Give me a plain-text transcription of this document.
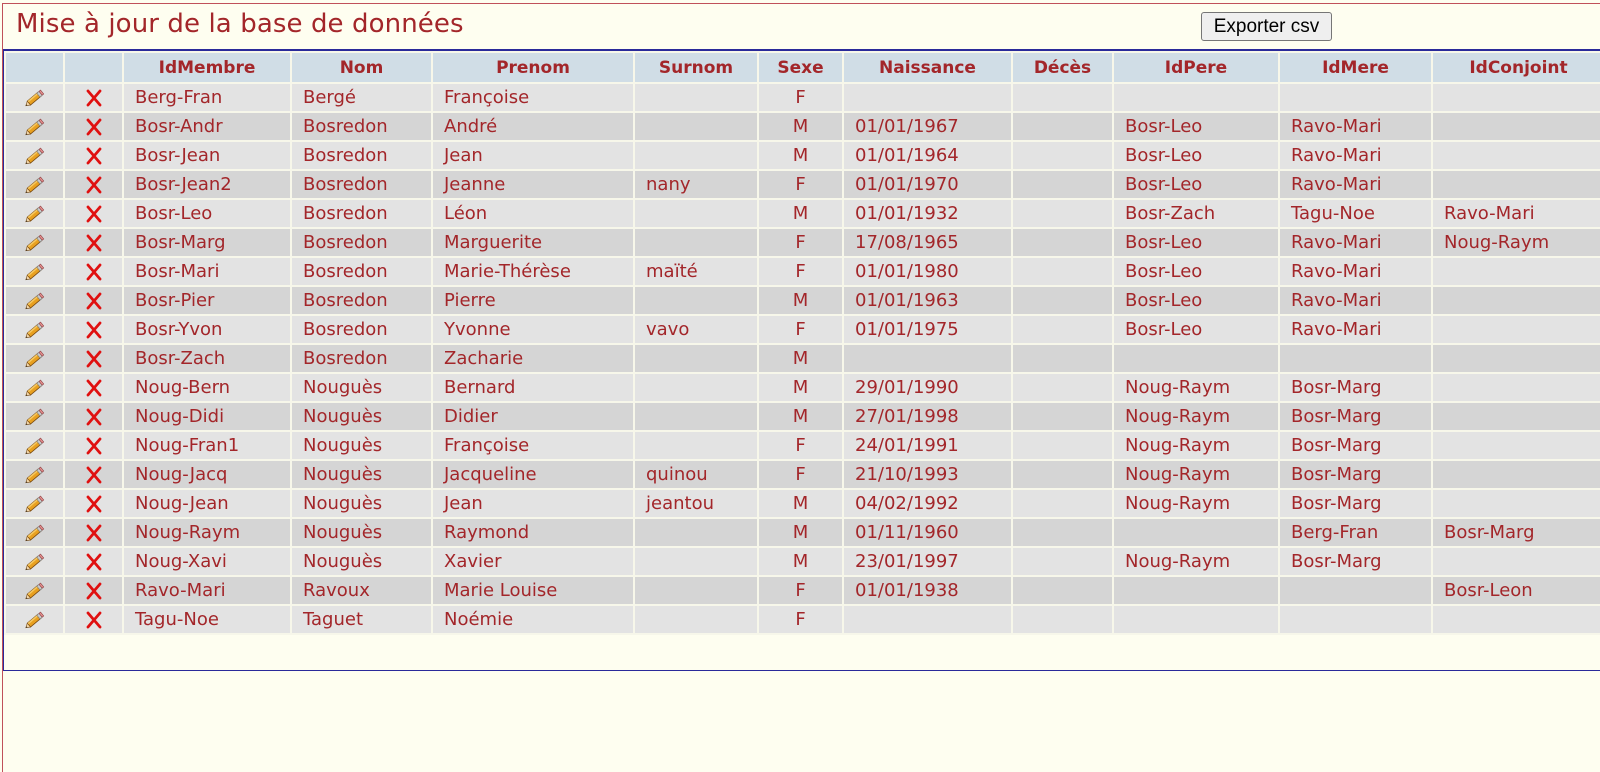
Mise à jour de la base de données	Exporter csv
		IdMembre	Nom	Prenom	Surnom	Sexe	Naissance	Décès	IdPere	IdMere	IdConjoint
		Berg-Fran	Bergé	Françoise		F					
		Bosr-Andr	Bosredon	André		M	01/01/1967		Bosr-Leo	Ravo-Mari	
		Bosr-Jean	Bosredon	Jean		M	01/01/1964		Bosr-Leo	Ravo-Mari	
		Bosr-Jean2	Bosredon	Jeanne	nany	F	01/01/1970		Bosr-Leo	Ravo-Mari	
		Bosr-Leo	Bosredon	Léon		M	01/01/1932		Bosr-Zach	Tagu-Noe	Ravo-Mari
		Bosr-Marg	Bosredon	Marguerite		F	17/08/1965		Bosr-Leo	Ravo-Mari	Noug-Raym
		Bosr-Mari	Bosredon	Marie-Thérèse	maïté	F	01/01/1980		Bosr-Leo	Ravo-Mari	
		Bosr-Pier	Bosredon	Pierre		M	01/01/1963		Bosr-Leo	Ravo-Mari	
		Bosr-Yvon	Bosredon	Yvonne	vavo	F	01/01/1975		Bosr-Leo	Ravo-Mari	
		Bosr-Zach	Bosredon	Zacharie		M					
		Noug-Bern	Nouguès	Bernard		M	29/01/1990		Noug-Raym	Bosr-Marg	
		Noug-Didi	Nouguès	Didier		M	27/01/1998		Noug-Raym	Bosr-Marg	
		Noug-Fran1	Nouguès	Françoise		F	24/01/1991		Noug-Raym	Bosr-Marg	
		Noug-Jacq	Nouguès	Jacqueline	quinou	F	21/10/1993		Noug-Raym	Bosr-Marg	
		Noug-Jean	Nouguès	Jean	jeantou	M	04/02/1992		Noug-Raym	Bosr-Marg	
		Noug-Raym	Nouguès	Raymond		M	01/11/1960			Berg-Fran	Bosr-Marg
		Noug-Xavi	Nouguès	Xavier		M	23/01/1997		Noug-Raym	Bosr-Marg	
		Ravo-Mari	Ravoux	Marie Louise		F	01/01/1938				Bosr-Leon
		Tagu-Noe	Taguet	Noémie		F					
